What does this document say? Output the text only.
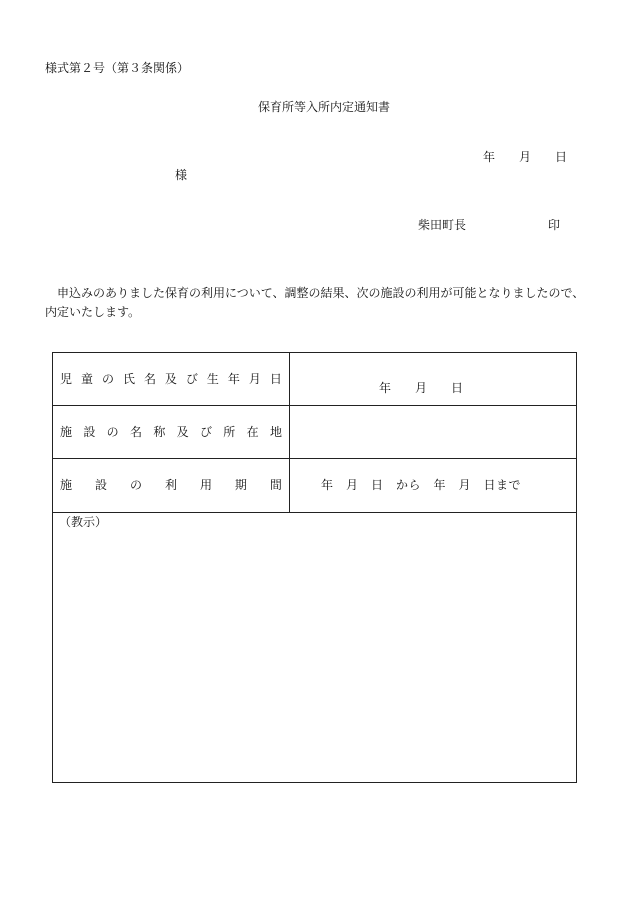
様式第２号（第３条関係）
保育所等入所内定通知書
年　　月　　日
様
柴田町長	印
　申込みのありました保育の利用について、調整の結果、次の施設の利用が可能となりましたので、
内定いたします。
児 童 の 氏 名 及 び 生 年 月 日
年　　月　　日
施 設 の 名 称 及 び 所 在 地
施 設 の 利 用 期 間	年　月　日　から　年　月　日まで
（教示）
